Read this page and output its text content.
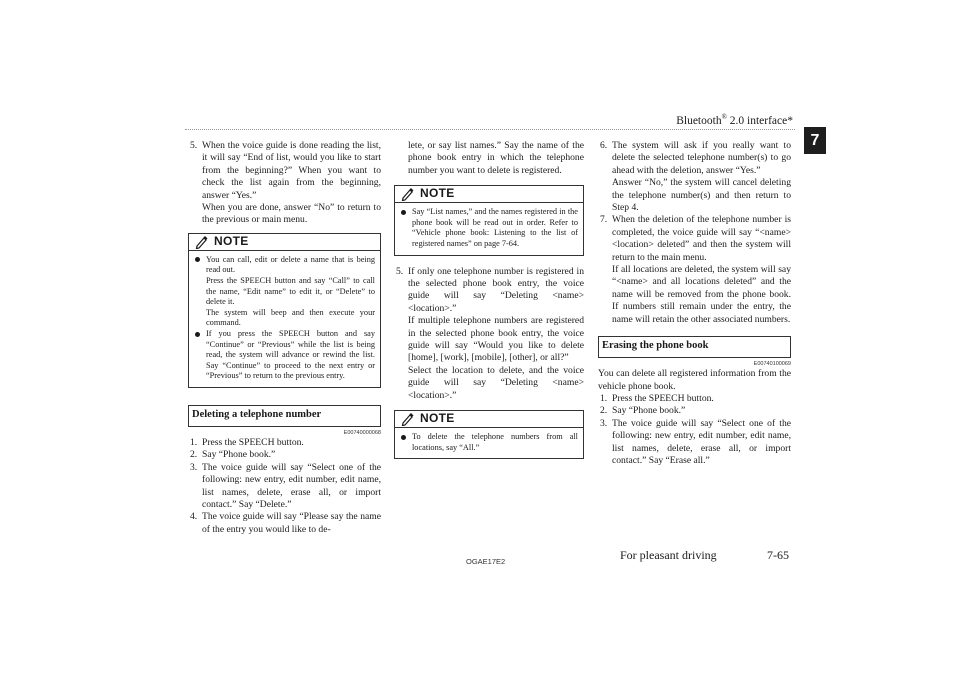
Bluetooth® 2.0 interface*
7
5. When the voice guide is done reading the list, it will say “End of list, would you like to start from the beginning?” When you want to check the list again from the beginning, answer “Yes.”

When you are done, answer “No” to return to the previous or main menu.

NOTE

You can call, edit or delete a name that is being read out.

Press the SPEECH button and say “Call” to call the name, “Edit name” to edit it, or “Delete” to delete it.

The system will beep and then execute your command.

If you press the SPEECH button and say “Continue” or “Previous” while the list is being read, the system will advance or rewind the list. Say “Continue” to proceed to the next entry or “Previous” to return to the previous entry.

Deleting a telephone number
E00740000068
1. Press the SPEECH button.

2. Say “Phone book.”

3. The voice guide will say “Select one of the following: new entry, edit number, edit name, list names, delete, erase all, or import contact.” Say “Delete.”

4. The voice guide will say “Please say the name of the entry you would like to de-

lete, or say list names.” Say the name of the phone book entry in which the telephone number you want to delete is registered.

NOTE

Say “List names,” and the names registered in the phone book will be read out in order. Refer to “Vehicle phone book: Listening to the list of registered names” on page 7-64.

5. If only one telephone number is registered in the selected phone book entry, the voice guide will say “Deleting <name> <location>.”

If multiple telephone numbers are registered in the selected phone book entry, the voice guide will say “Would you like to delete [home], [work], [mobile], [other], or all?”

Select the location to delete, and the voice guide will say “Deleting <name> <location>.”

NOTE

To delete the telephone numbers from all locations, say “All.”

6. The system will ask if you really want to delete the selected telephone number(s) to go ahead with the deletion, answer “Yes.”

Answer “No,” the system will cancel deleting the telephone number(s) and then return to Step 4.

7. When the deletion of the telephone number is completed, the voice guide will say “<name> <location> deleted” and then the system will return to the main menu.

If all locations are deleted, the system will say “<name> and all locations deleted” and the name will be removed from the phone book. If numbers still remain under the entry, the name will retain the other associated numbers.

Erasing the phone book
E00740100069

You can delete all registered information from the vehicle phone book.

1. Press the SPEECH button.

2. Say “Phone book.”

3. The voice guide will say “Select one of the following: new entry, edit number, edit name, list names, delete, erase all, or import contact.” Say “Erase all.”

OGAE17E2	For pleasant driving	7-65
